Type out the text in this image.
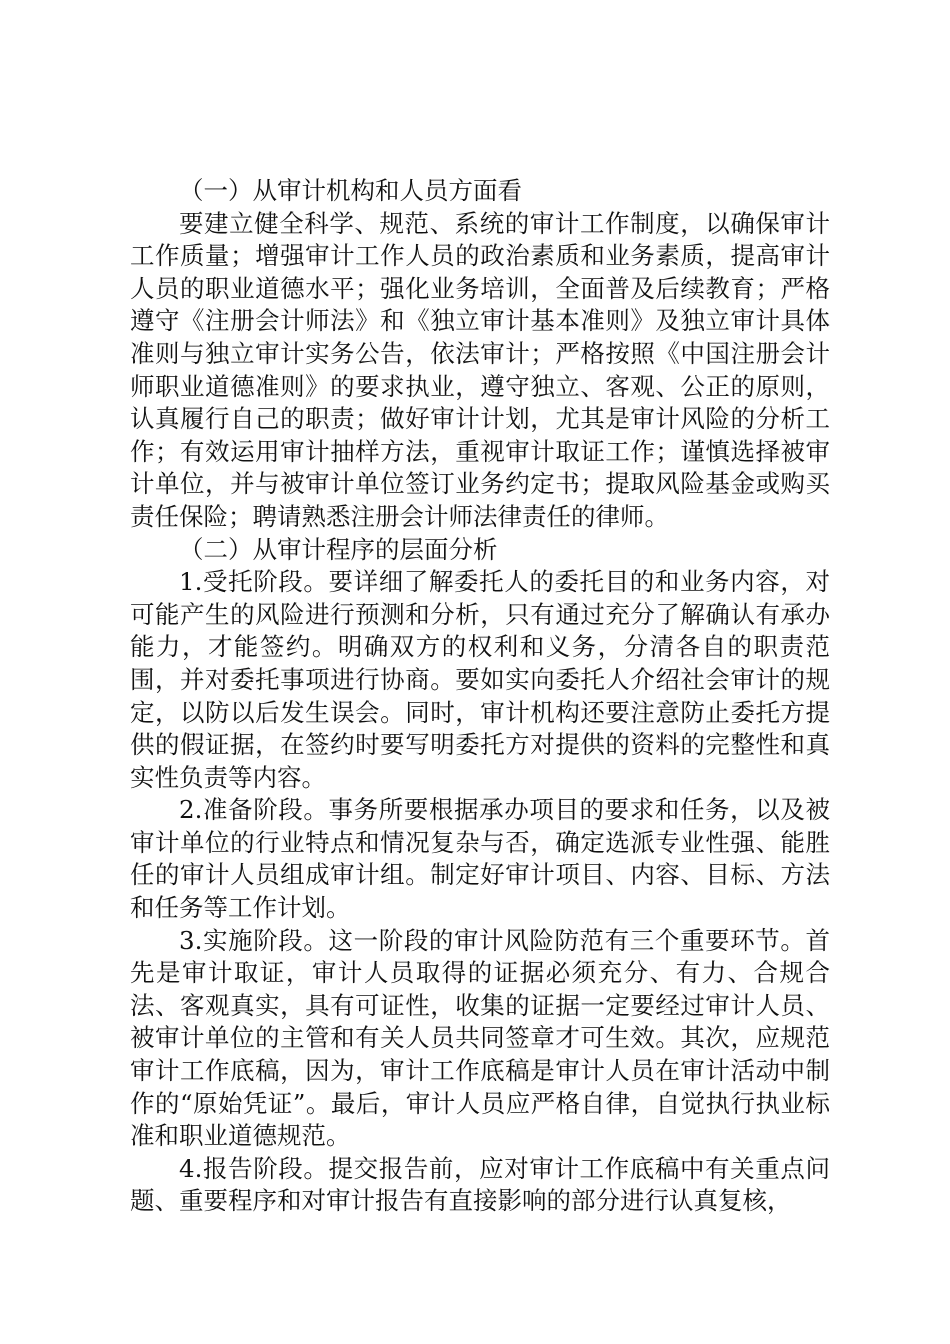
（一）从审计机构和人员方面看

要建立健全科学、规范、系统的审计工作制度，以确保审计工作质量；增强审计工作人员的政治素质和业务素质，提高审计人员的职业道德水平；强化业务培训，全面普及后续教育；严格遵守《注册会计师法》和《独立审计基本准则》及独立审计具体准则与独立审计实务公告，依法审计；严格按照《中国注册会计师职业道德准则》的要求执业，遵守独立、客观、公正的原则，认真履行自己的职责；做好审计计划，尤其是审计风险的分析工作；有效运用审计抽样方法，重视审计取证工作；谨慎选择被审计单位，并与被审计单位签订业务约定书；提取风险基金或购买责任保险；聘请熟悉注册会计师法律责任的律师。

（二）从审计程序的层面分析

1.受托阶段。要详细了解委托人的委托目的和业务内容，对可能产生的风险进行预测和分析，只有通过充分了解确认有承办能力，才能签约。明确双方的权利和义务，分清各自的职责范围，并对委托事项进行协商。要如实向委托人介绍社会审计的规定，以防以后发生误会。同时，审计机构还要注意防止委托方提供的假证据，在签约时要写明委托方对提供的资料的完整性和真实性负责等内容。

2.准备阶段。事务所要根据承办项目的要求和任务，以及被审计单位的行业特点和情况复杂与否，确定选派专业性强、能胜任的审计人员组成审计组。制定好审计项目、内容、目标、方法和任务等工作计划。

3.实施阶段。这一阶段的审计风险防范有三个重要环节。首先是审计取证，审计人员取得的证据必须充分、有力、合规合法、客观真实，具有可证性，收集的证据一定要经过审计人员、被审计单位的主管和有关人员共同签章才可生效。其次，应规范审计工作底稿，因为，审计工作底稿是审计人员在审计活动中制作的“原始凭证”。最后，审计人员应严格自律，自觉执行执业标准和职业道德规范。

4.报告阶段。提交报告前，应对审计工作底稿中有关重点问题、重要程序和对审计报告有直接影响的部分进行认真复核，
